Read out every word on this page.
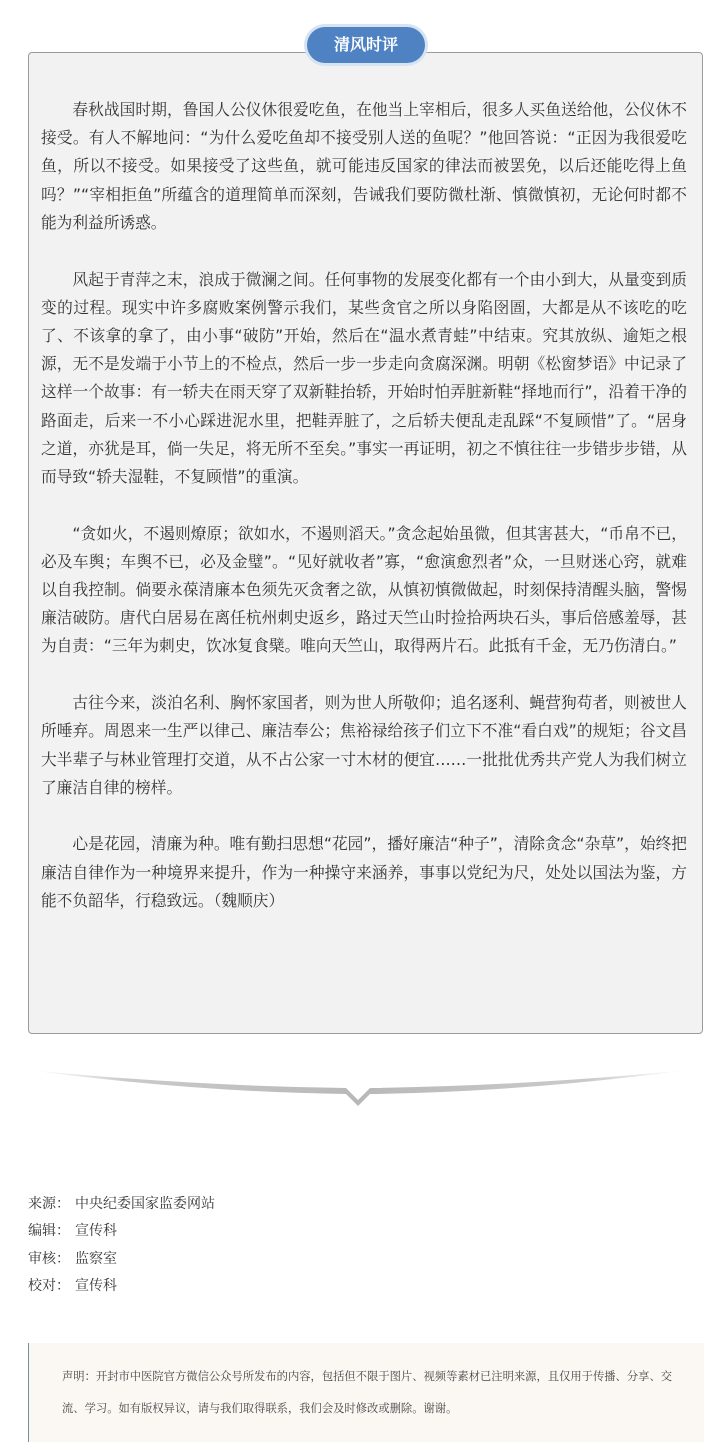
清风时评

春秋战国时期，鲁国人公仪休很爱吃鱼，在他当上宰相后，很多人买鱼送给他，公仪休不接受。有人不解地问：“为什么爱吃鱼却不接受别人送的鱼呢？”他回答说：“正因为我很爱吃鱼，所以不接受。如果接受了这些鱼，就可能违反国家的律法而被罢免，以后还能吃得上鱼吗？”“宰相拒鱼”所蕴含的道理简单而深刻，告诫我们要防微杜渐、慎微慎初，无论何时都不能为利益所诱惑。

风起于青萍之末，浪成于微澜之间。任何事物的发展变化都有一个由小到大，从量变到质变的过程。现实中许多腐败案例警示我们，某些贪官之所以身陷囹圄，大都是从不该吃的吃了、不该拿的拿了，由小事“破防”开始，然后在“温水煮青蛙”中结束。究其放纵、逾矩之根源，无不是发端于小节上的不检点，然后一步一步走向贪腐深渊。明朝《松窗梦语》中记录了这样一个故事：有一轿夫在雨天穿了双新鞋抬轿，开始时怕弄脏新鞋“择地而行”，沿着干净的路面走，后来一不小心踩进泥水里，把鞋弄脏了，之后轿夫便乱走乱踩“不复顾惜”了。“居身之道，亦犹是耳，倘一失足，将无所不至矣。”事实一再证明，初之不慎往往一步错步步错，从而导致“轿夫湿鞋，不复顾惜”的重演。

“贪如火，不遏则燎原；欲如水，不遏则滔天。”贪念起始虽微，但其害甚大，“币帛不已，必及车舆；车舆不已，必及金璧”。“见好就收者”寡，“愈演愈烈者”众，一旦财迷心窍，就难以自我控制。倘要永葆清廉本色须先灭贪奢之欲，从慎初慎微做起，时刻保持清醒头脑，警惕廉洁破防。唐代白居易在离任杭州刺史返乡，路过天竺山时捡拾两块石头，事后倍感羞辱，甚为自责：“三年为刺史，饮冰复食檗。唯向天竺山，取得两片石。此抵有千金，无乃伤清白。”

古往今来，淡泊名利、胸怀家国者，则为世人所敬仰；追名逐利、蝇营狗苟者，则被世人所唾弃。周恩来一生严以律己、廉洁奉公；焦裕禄给孩子们立下不准“看白戏”的规矩；谷文昌大半辈子与林业管理打交道，从不占公家一寸木材的便宜……一批批优秀共产党人为我们树立了廉洁自律的榜样。

心是花园，清廉为种。唯有勤扫思想“花园”，播好廉洁“种子”，清除贪念“杂草”，始终把廉洁自律作为一种境界来提升，作为一种操守来涵养，事事以党纪为尺，处处以国法为鉴，方能不负韶华，行稳致远。（魏顺庆）

来源： 中央纪委国家监委网站
编辑： 宣传科
审核： 监察室
校对： 宣传科
声明：开封市中医院官方微信公众号所发布的内容，包括但不限于图片、视频等素材已注明来源，且仅用于传播、分享、交流、学习。如有版权异议，请与我们取得联系，我们会及时修改或删除。谢谢。
